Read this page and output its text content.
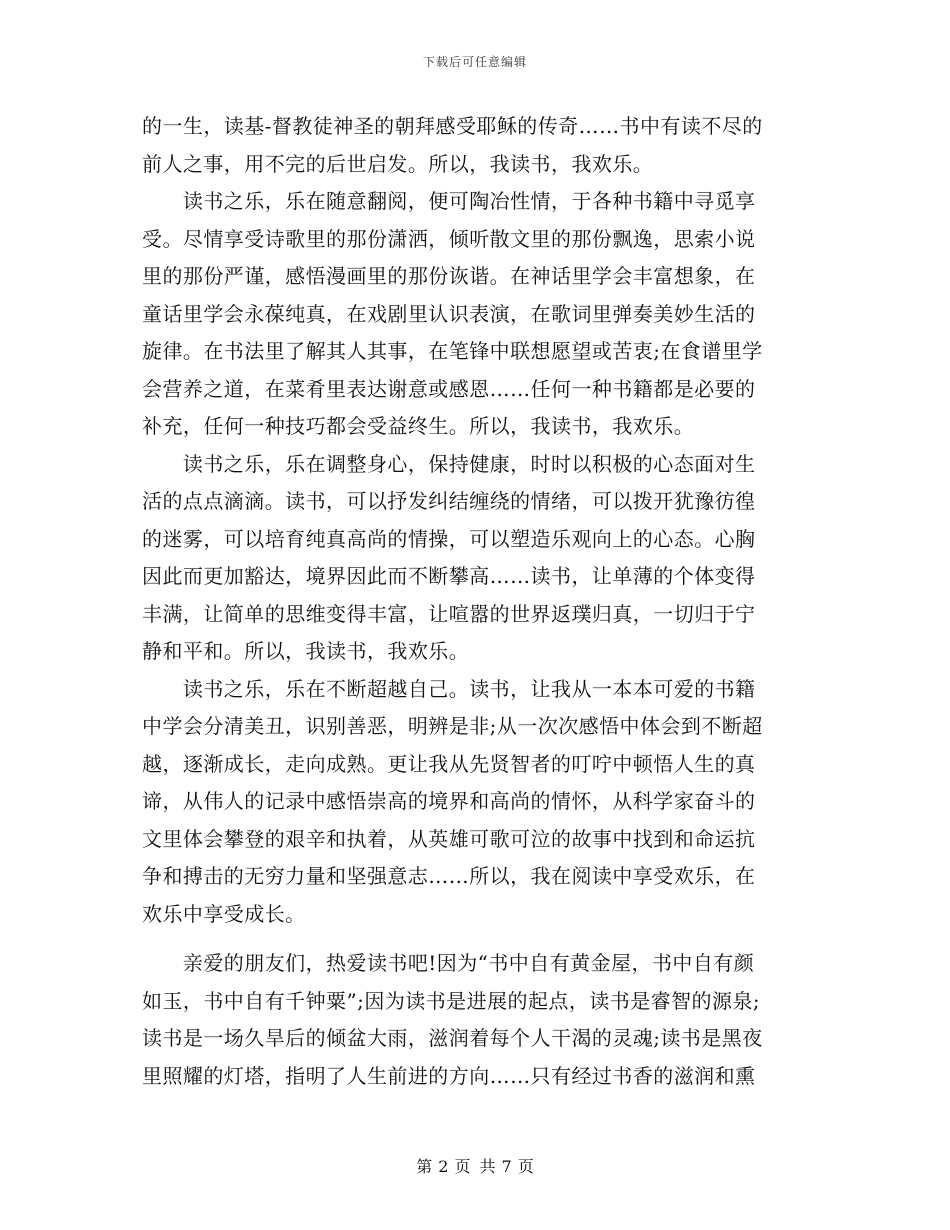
下载后可任意编辑
的一生，读基-督教徒神圣的朝拜感受耶稣的传奇……书中有读不尽的
前人之事，用不完的后世启发。所以，我读书，我欢乐。
　　读书之乐，乐在随意翻阅，便可陶冶性情，于各种书籍中寻觅享
受。尽情享受诗歌里的那份潇洒，倾听散文里的那份飘逸，思索小说
里的那份严谨，感悟漫画里的那份诙谐。在神话里学会丰富想象，在
童话里学会永葆纯真，在戏剧里认识表演，在歌词里弹奏美妙生活的
旋律。在书法里了解其人其事，在笔锋中联想愿望或苦衷;在食谱里学
会营养之道，在菜肴里表达谢意或感恩……任何一种书籍都是必要的
补充，任何一种技巧都会受益终生。所以，我读书，我欢乐。
　　读书之乐，乐在调整身心，保持健康，时时以积极的心态面对生
活的点点滴滴。读书，可以抒发纠结缠绕的情绪，可以拨开犹豫彷徨
的迷雾，可以培育纯真高尚的情操，可以塑造乐观向上的心态。心胸
因此而更加豁达，境界因此而不断攀高……读书，让单薄的个体变得
丰满，让简单的思维变得丰富，让喧嚣的世界返璞归真，一切归于宁
静和平和。所以，我读书，我欢乐。
　　读书之乐，乐在不断超越自己。读书，让我从一本本可爱的书籍
中学会分清美丑，识别善恶，明辨是非;从一次次感悟中体会到不断超
越，逐渐成长，走向成熟。更让我从先贤智者的叮咛中顿悟人生的真
谛，从伟人的记录中感悟崇高的境界和高尚的情怀，从科学家奋斗的
文里体会攀登的艰辛和执着，从英雄可歌可泣的故事中找到和命运抗
争和搏击的无穷力量和坚强意志……所以，我在阅读中享受欢乐，在
欢乐中享受成长。
　　亲爱的朋友们，热爱读书吧!因为“书中自有黄金屋，书中自有颜
如玉，书中自有千钟粟”;因为读书是进展的起点，读书是睿智的源泉;
读书是一场久旱后的倾盆大雨，滋润着每个人干渴的灵魂;读书是黑夜
里照耀的灯塔，指明了人生前进的方向……只有经过书香的滋润和熏
第 2 页 共 7 页
